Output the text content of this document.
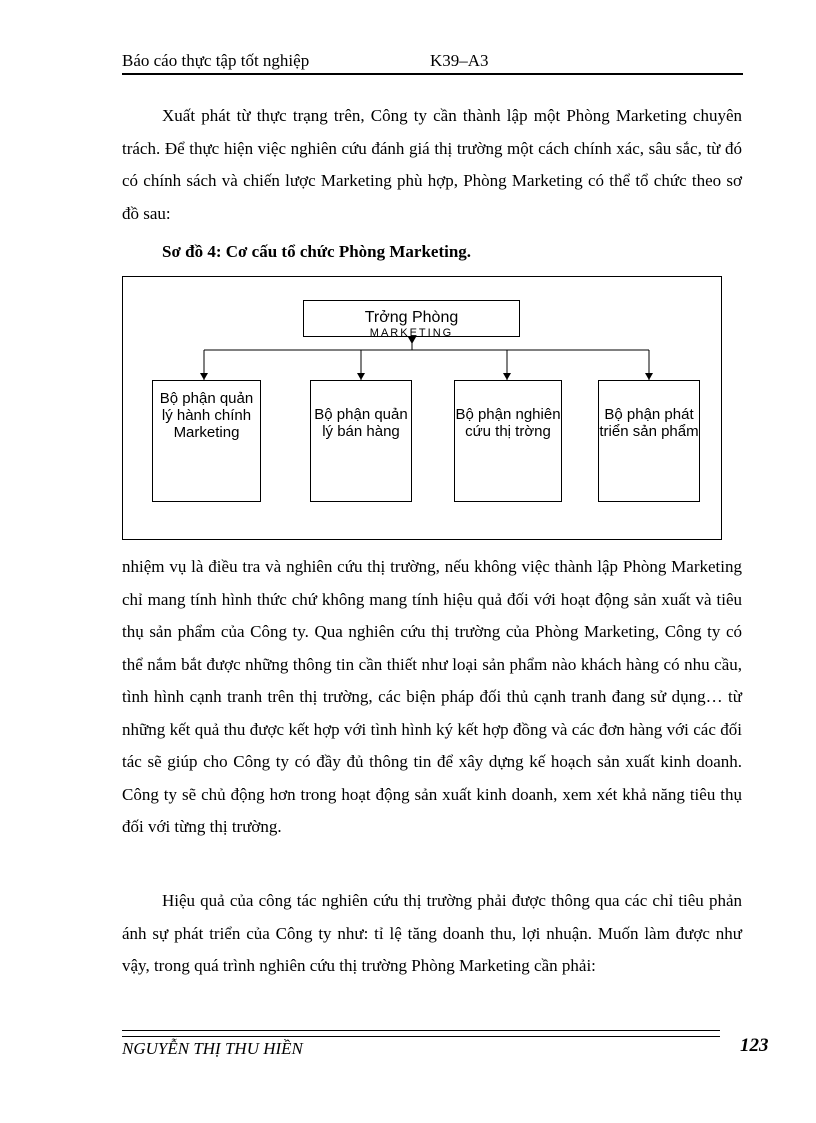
Báo cáo thực tập tốt nghiệp	K39–A3

Xuất phát từ thực trạng trên, Công ty cần thành lập một Phòng Marketing chuyên trách. Để thực hiện việc nghiên cứu đánh giá thị trường một cách chính xác, sâu sắc, từ đó có chính sách và chiến lược Marketing phù hợp, Phòng Marketing có thể tổ chức theo sơ đồ sau:

Sơ đồ 4: Cơ cấu tổ chức Phòng Marketing.
Trởng Phòng
MARKETING
Bộ phận quản lý hành chính Marketing
Bộ phận quản lý bán hàng
Bộ phận nghiên cứu thị trờng
Bộ phận phát triển sản phẩm

nhiệm vụ là điều tra và nghiên cứu thị trường, nếu không việc thành lập Phòng Marketing chỉ mang tính hình thức chứ không mang tính hiệu quả đối với hoạt động sản xuất và tiêu thụ sản phẩm của Công ty. Qua nghiên cứu thị trường của Phòng Marketing, Công ty có thể nắm bắt được những thông tin cần thiết như loại sản phẩm nào khách hàng có nhu cầu, tình hình cạnh tranh trên thị trường, các biện pháp đối thủ cạnh tranh đang sử dụng… từ những kết quả thu được kết hợp với tình hình ký kết hợp đồng và các đơn hàng với các đối tác sẽ giúp cho Công ty có đầy đủ thông tin để xây dựng kế hoạch sản xuất kinh doanh. Công ty sẽ chủ động hơn trong hoạt động sản xuất kinh doanh, xem xét khả năng tiêu thụ đối với từng thị trường.

Hiệu quả của công tác nghiên cứu thị trường phải được thông qua các chỉ tiêu phản ánh sự phát triển của Công ty như: tỉ lệ tăng doanh thu, lợi nhuận. Muốn làm được như vậy, trong quá trình nghiên cứu thị trường Phòng Marketing cần phải:

NGUYỄN THỊ THU HIỀN	123
